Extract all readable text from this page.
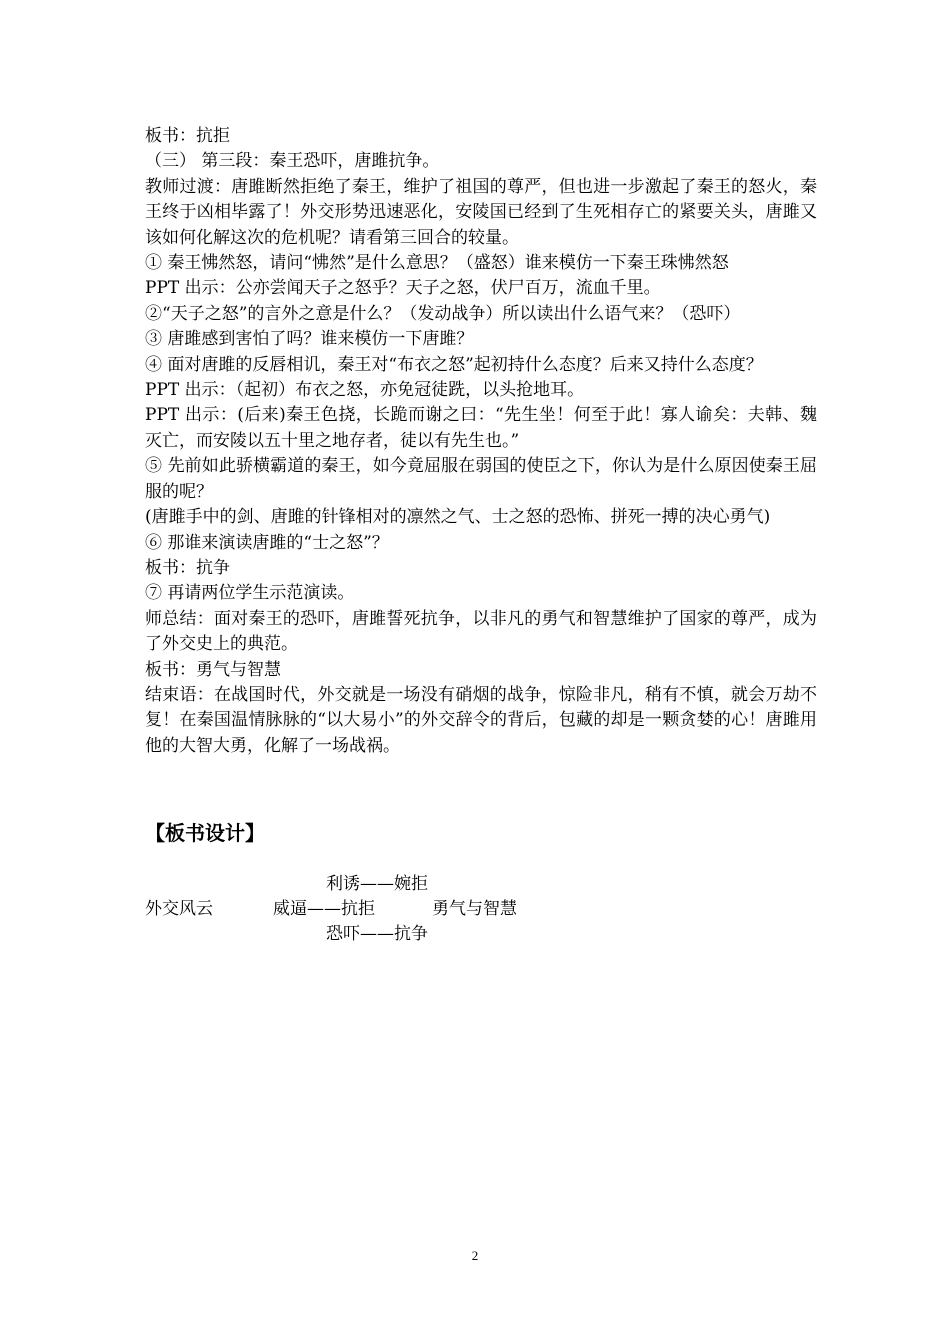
板书：抗拒

（三） 第三段：秦王恐吓，唐雎抗争。

教师过渡：唐雎断然拒绝了秦王，维护了祖国的尊严，但也进一步激起了秦王的怒火，秦王终于凶相毕露了！外交形势迅速恶化，安陵国已经到了生死相存亡的紧要关头，唐雎又该如何化解这次的危机呢？请看第三回合的较量。

① 秦王怫然怒，请问“怫然”是什么意思？（盛怒）谁来模仿一下秦王珠怫然怒

PPT 出示：公亦尝闻天子之怒乎？天子之怒，伏尸百万，流血千里。

②“天子之怒”的言外之意是什么？（发动战争）所以读出什么语气来？（恐吓）

③ 唐雎感到害怕了吗？谁来模仿一下唐雎？

④ 面对唐雎的反唇相讥，秦王对“布衣之怒”起初持什么态度？后来又持什么态度？

PPT 出示：（起初）布衣之怒，亦免冠徒跣，以头抢地耳。

PPT 出示：(后来)秦王色挠，长跪而谢之曰：“先生坐！何至于此！寡人谕矣：夫韩、魏灭亡，而安陵以五十里之地存者，徒以有先生也。”

⑤ 先前如此骄横霸道的秦王，如今竟屈服在弱国的使臣之下，你认为是什么原因使秦王屈服的呢？

(唐雎手中的剑、唐雎的针锋相对的凛然之气、士之怒的恐怖、拼死一搏的决心勇气)

⑥ 那谁来演读唐雎的“士之怒”？

板书：抗争

⑦ 再请两位学生示范演读。

师总结：面对秦王的恐吓，唐雎誓死抗争，以非凡的勇气和智慧维护了国家的尊严，成为了外交史上的典范。

板书：勇气与智慧

结束语：在战国时代，外交就是一场没有硝烟的战争，惊险非凡，稍有不慎，就会万劫不复！在秦国温情脉脉的“以大易小”的外交辞令的背后，包藏的却是一颗贪婪的心！唐雎用他的大智大勇，化解了一场战祸。

【板书设计】
利诱——婉拒
外交风云	威逼——抗拒	勇气与智慧
恐吓——抗争
2
